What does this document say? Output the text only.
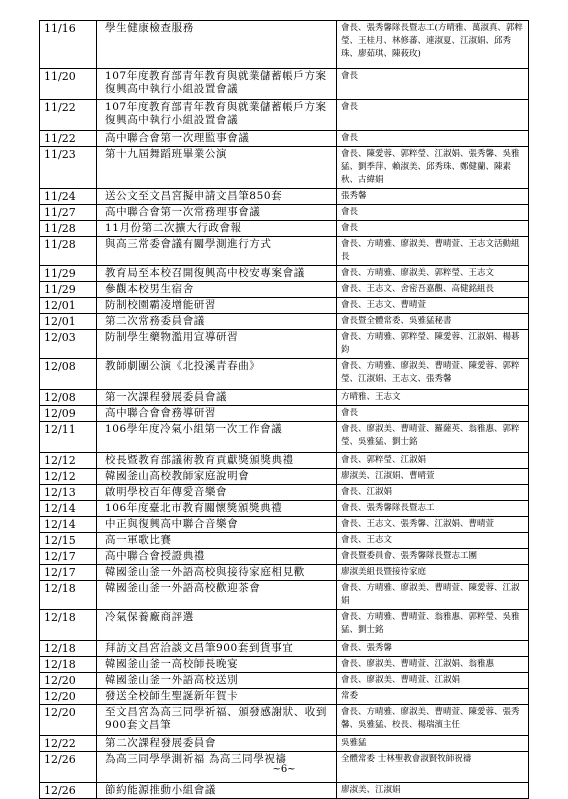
11/16	學生健康檢查服務	會長、張秀馨隊長暨志工(方晴雅、萬淑真、郭粹瑩、王桂月、林修蕃、連淑夏、江淑娟、邱秀珠、廖茹琪、陳莜玫)
11/20	107年度教育部青年教育與就業儲蓄帳戶方案復興高中執行小組設置會議	會長
11/22	107年度教育部青年教育與就業儲蓄帳戶方案復興高中執行小組設置會議	會長
11/22	高中聯合會第一次理監事會議	會長
11/23	第十九屆舞蹈班畢業公演	會長、陳愛蓉、郭粹瑩、江淑娟、張秀馨、吳雅猛、劉季萍、賴淑美、邱秀珠、鄭健蘭、陳素秋、古緯娟
11/24	送公文至文昌宮擬申請文昌筆850套	張秀馨
11/27	高中聯合會第一次常務理事會議	會長
11/28	11月份第二次擴大行政會報	會長
11/28	與高三常委會議有關學測進行方式	會長、方晴雅、廖淑美、曹晴萱、王志文活動組長
11/29	教育局至本校召開復興高中校安專案會議	會長、方晴雅、廖淑美、郭粹瑩、王志文
11/29	參觀本校男生宿舍	會長、王志文、舍密吾嘉觀、高健銘組長
12/01	防制校園霸凌增能研習	會長、王志文、曹晴萱
12/01	第二次常務委員會議	會長暨全體常委、吳雅猛秘書
12/03	防制學生藥物濫用宣導研習	會長、方晴雅、郭粹瑩、陳愛蓉、江淑娟、楊碁鈞
12/08	教師劇團公演《北投溪青春曲》	會長、方晴雅、廖淑美、曹晴萱、陳愛蓉、郭粹瑩、江淑娟、王志文、張秀馨
12/08	第一次課程發展委員會議	方晴雅、王志文
12/09	高中聯合會會務導研習	會長
12/11	106學年度冷氣小組第一次工作會議	會長、廖淑美、曹晴萱、羅薩英、翁雅惠、郭粹瑩、吳雅猛、劉士銘
12/12	校長暨教育部議術教育貢獻獎頒獎典禮	會長、郭粹瑩、江淑娟
12/12	韓國釜山高校教師家庭說明會	廖淑美、江淑娟、曹晴萱
12/13	啟明學校百年傳愛音樂會	會長、江淑娟
12/14	106年度臺北市教育關懷獎頒獎典禮	會長、張秀馨隊長暨志工
12/14	中正與復興高中聯合音樂會	會長、王志文、張秀馨、江淑娟、曹晴萱
12/15	高一軍歌比賽	會長、王志文
12/17	高中聯合會授證典禮	會長暨委員會、張秀馨隊長暨志工團
12/17	韓國釜山釜一外語高校與接待家庭相見歡	廖淑美組長暨接待家庭
12/18	韓國釜山釜一外語高校歡迎茶會	會長、方晴雅、廖淑美、曹晴萱、陳愛蓉、江淑娟
12/18	冷氣保養廠商評選	會長、方晴雅、曹晴萱、翁雅惠、郭粹瑩、吳雅猛、劉士銘
12/18	拜訪文昌宮洽談文昌筆900套到貨事宜	會長、張秀馨
12/18	韓國釜山釜一高校師長晚宴	會長、廖淑美、曹晴萱、江淑娟、翁雅惠
12/20	韓國釜山釜一外語高校送別	會長、廖淑美、曹晴萱、江淑娟
12/20	發送全校師生聖誕新年賀卡	常委
12/20	至文昌宮為高三同學祈福、頒發感謝狀、收到900套文昌筆	會長、方晴雅、廖淑美、曹晴萱、陳愛蓉、張秀馨、吳雅猛、校長、楊瑞濱主任
12/22	第二次課程發展委員會	吳雅猛
12/26	為高三同學學測祈福 為高三同學祝禱	全體常委 士林聖教會淑賢牧師祝禱
12/26	節約能源推動小組會議	廖淑美、江淑娟
~6~
